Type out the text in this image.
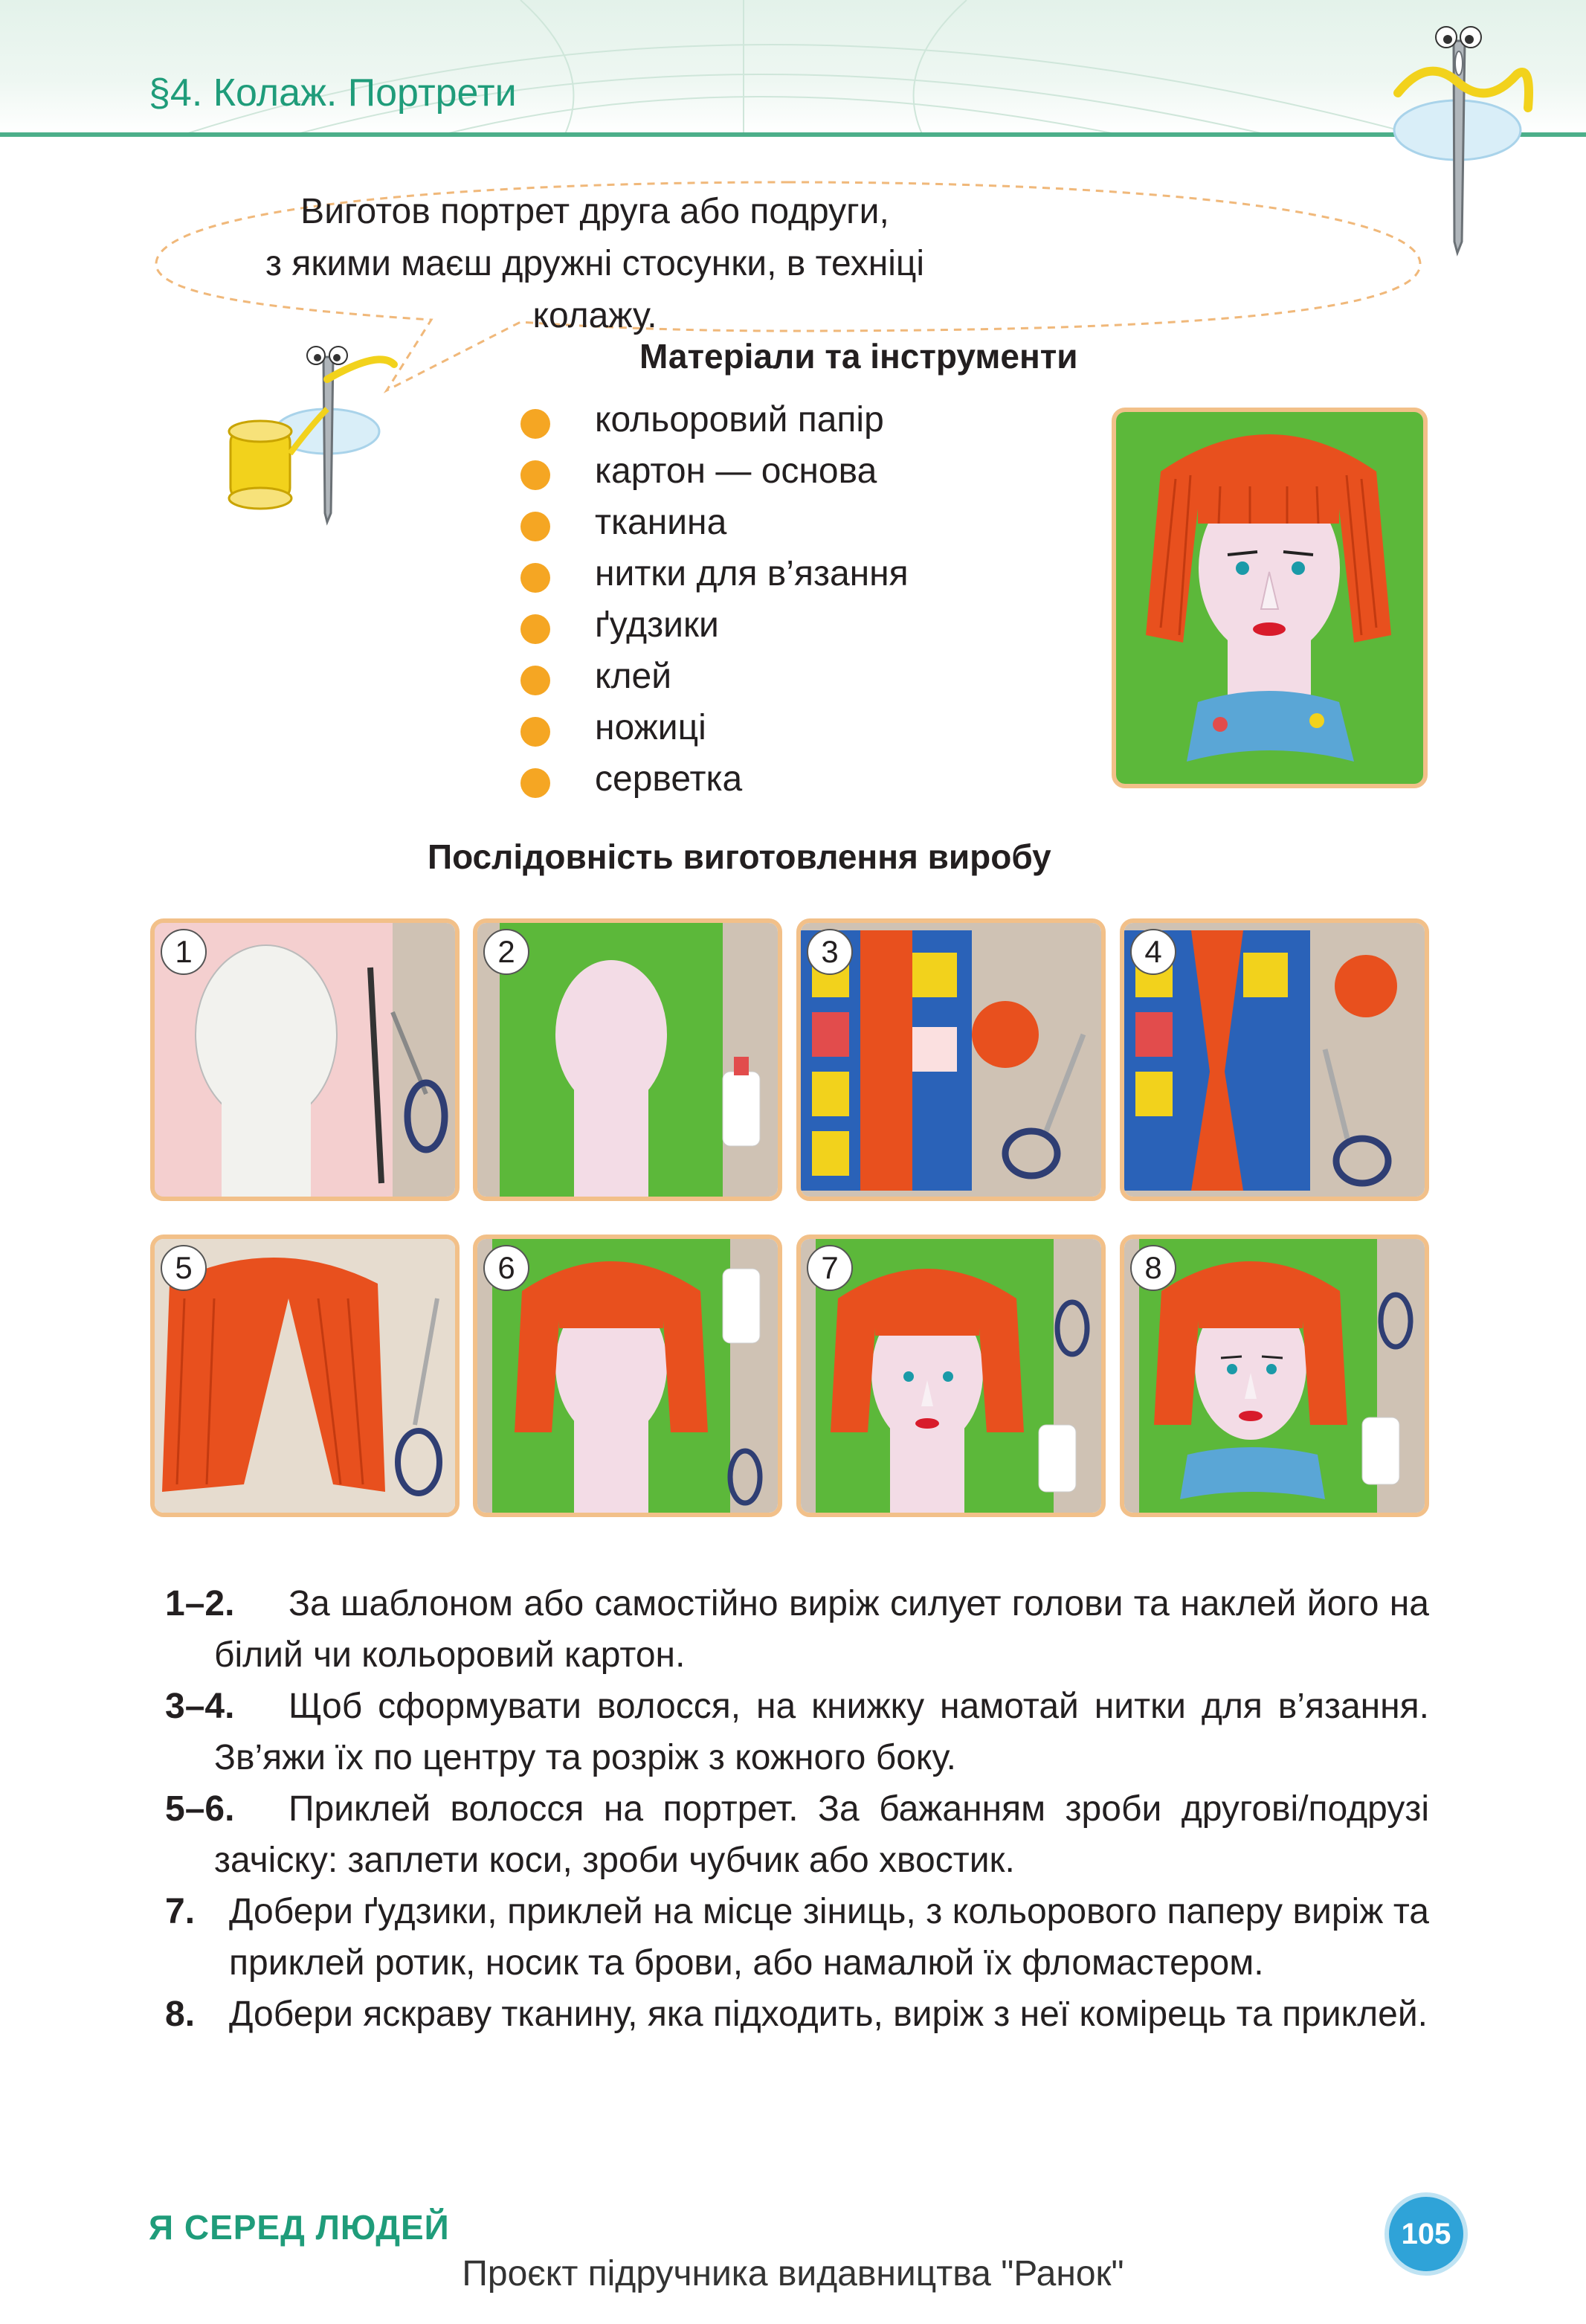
§4. Колаж. Портрети
Виготов портрет друга або подруги,
з якими маєш дружні стосунки, в техніці колажу.
Матеріали та інструменти
кольоровий папір
картон — основа
тканина
нитки для в’язання
ґудзики
клей
ножиці
серветка
Послідовність виготовлення виробу
1	2	3	4
5	6	7	8
1–2.	За шаблоном або самостійно виріж силует голови та наклей його на білий чи кольоровий картон.
3–4.	Щоб сформувати волосся, на книжку намотай нитки для в’язання. Зв’яжи їх по центру та розріж з кожного боку.
5–6.	Приклей волосся на портрет. За бажанням зроби другові/подрузі зачіску: заплети коси, зроби чубчик або хвостик.
7. Добери ґудзики, приклей на місце зіниць, з кольорового паперу виріж та приклей ротик, носик та брови, або намалюй їх фломастером.
8. Добери яскраву тканину, яка підходить, виріж з неї комірець та приклей.
Я СЕРЕД ЛЮДЕЙ	105
Проєкт підручника видавництва "Ранок"
